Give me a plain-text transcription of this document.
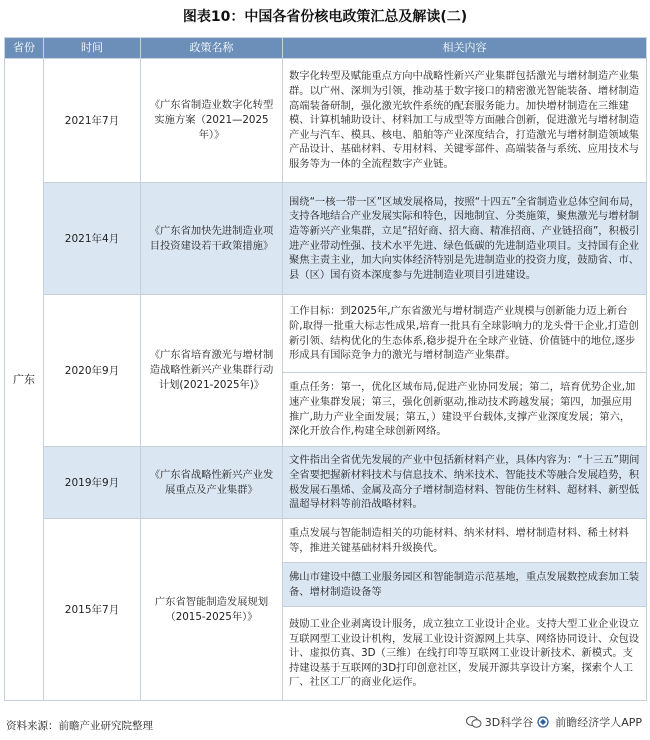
图表10：中国各省份核电政策汇总及解读(二)
省份	时间	政策名称	相关内容
广东	2021年7月	《广东省制造业数字化转型实施方案（2021—2025年）》	数字化转型及赋能重点方向中战略性新兴产业集群包括激光与增材制造产业集群。以广州、深圳为引领，推动基于数字接口的精密激光智能装备、增材制造高端装备研制，强化激光软件系统的配套服务能力。加快增材制造在三维建模、计算机辅助设计、材料加工与成型等方面融合创新，促进激光与增材制造产业与汽车、模具、核电、船舶等产业深度结合，打造激光与增材制造领域集产品设计、基础材料、专用材料、关键零部件、高端装备与系统、应用技术与服务等为一体的全流程数字产业链。
	2021年4月	《广东省加快先进制造业项目投资建设若干政策措施》	围绕“一核一带一区”区域发展格局，按照“十四五”全省制造业总体空间布局，支持各地结合产业发展实际和特色，因地制宜、分类施策，聚焦激光与增材制造等新兴产业集群，立足“招好商、招大商、精准招商、产业链招商”，积极引进产业带动性强、技术水平先进、绿色低碳的先进制造业项目。支持国有企业聚焦主责主业，加大向实体经济特别是先进制造业的投资力度，鼓励省、市、县（区）国有资本深度参与先进制造业项目引进建设。
	2020年9月	《广东省培育激光与增材制造战略性新兴产业集群行动计划(2021-2025年)》	工作目标：到2025年,广东省激光与增材制造产业规模与创新能力迈上新台阶,取得一批重大标志性成果,培育一批具有全球影响力的龙头骨干企业,打造创新引领、结构优化的生态体系,稳步提升在全球产业链、价值链中的地位,逐步形成具有国际竞争力的激光与增材制造产业集群。
			重点任务：第一，优化区域布局,促进产业协同发展；第二，培育优势企业,加速产业集群发展；第三，强化创新驱动,推动技术跨越发展；第四，加强应用推广,助力产业全面发展；第五，）建设平台载体,支撑产业深度发展；第六，深化开放合作,构建全球创新网络。
	2019年9月	《广东省战略性新兴产业发展重点及产业集群》	文件指出全省优先发展的产业中包括新材料产业，具体内容为：“十三五”期间全省要把握新材料技术与信息技术、纳米技术、智能技术等融合发展趋势，积极发展石墨烯、金属及高分子增材制造材料、智能仿生材料、超材料、新型低温超导材料等前沿战略材料。
	2015年7月	广东省智能制造发展规划（2015-2025年）》	重点发展与智能制造相关的功能材料、纳米材料、增材制造材料、稀土材料等，推进关键基础材料升级换代。
			佛山市建设中德工业服务园区和智能制造示范基地，重点发展数控成套加工装备、增材制造设备等
			鼓励工业企业剥离设计服务，成立独立工业设计企业。支持大型工业企业设立互联网型工业设计机构，发展工业设计资源网上共享、网络协同设计、众包设计、虚拟仿真、3D（三维）在线打印等互联网工业设计新技术、新模式。支持建设基于互联网的3D打印创意社区，发展开源共享设计方案，探索个人工厂、社区工厂的商业化运作。
资料来源：前瞻产业研究院整理	3D科学谷 前瞻经济学人APP
